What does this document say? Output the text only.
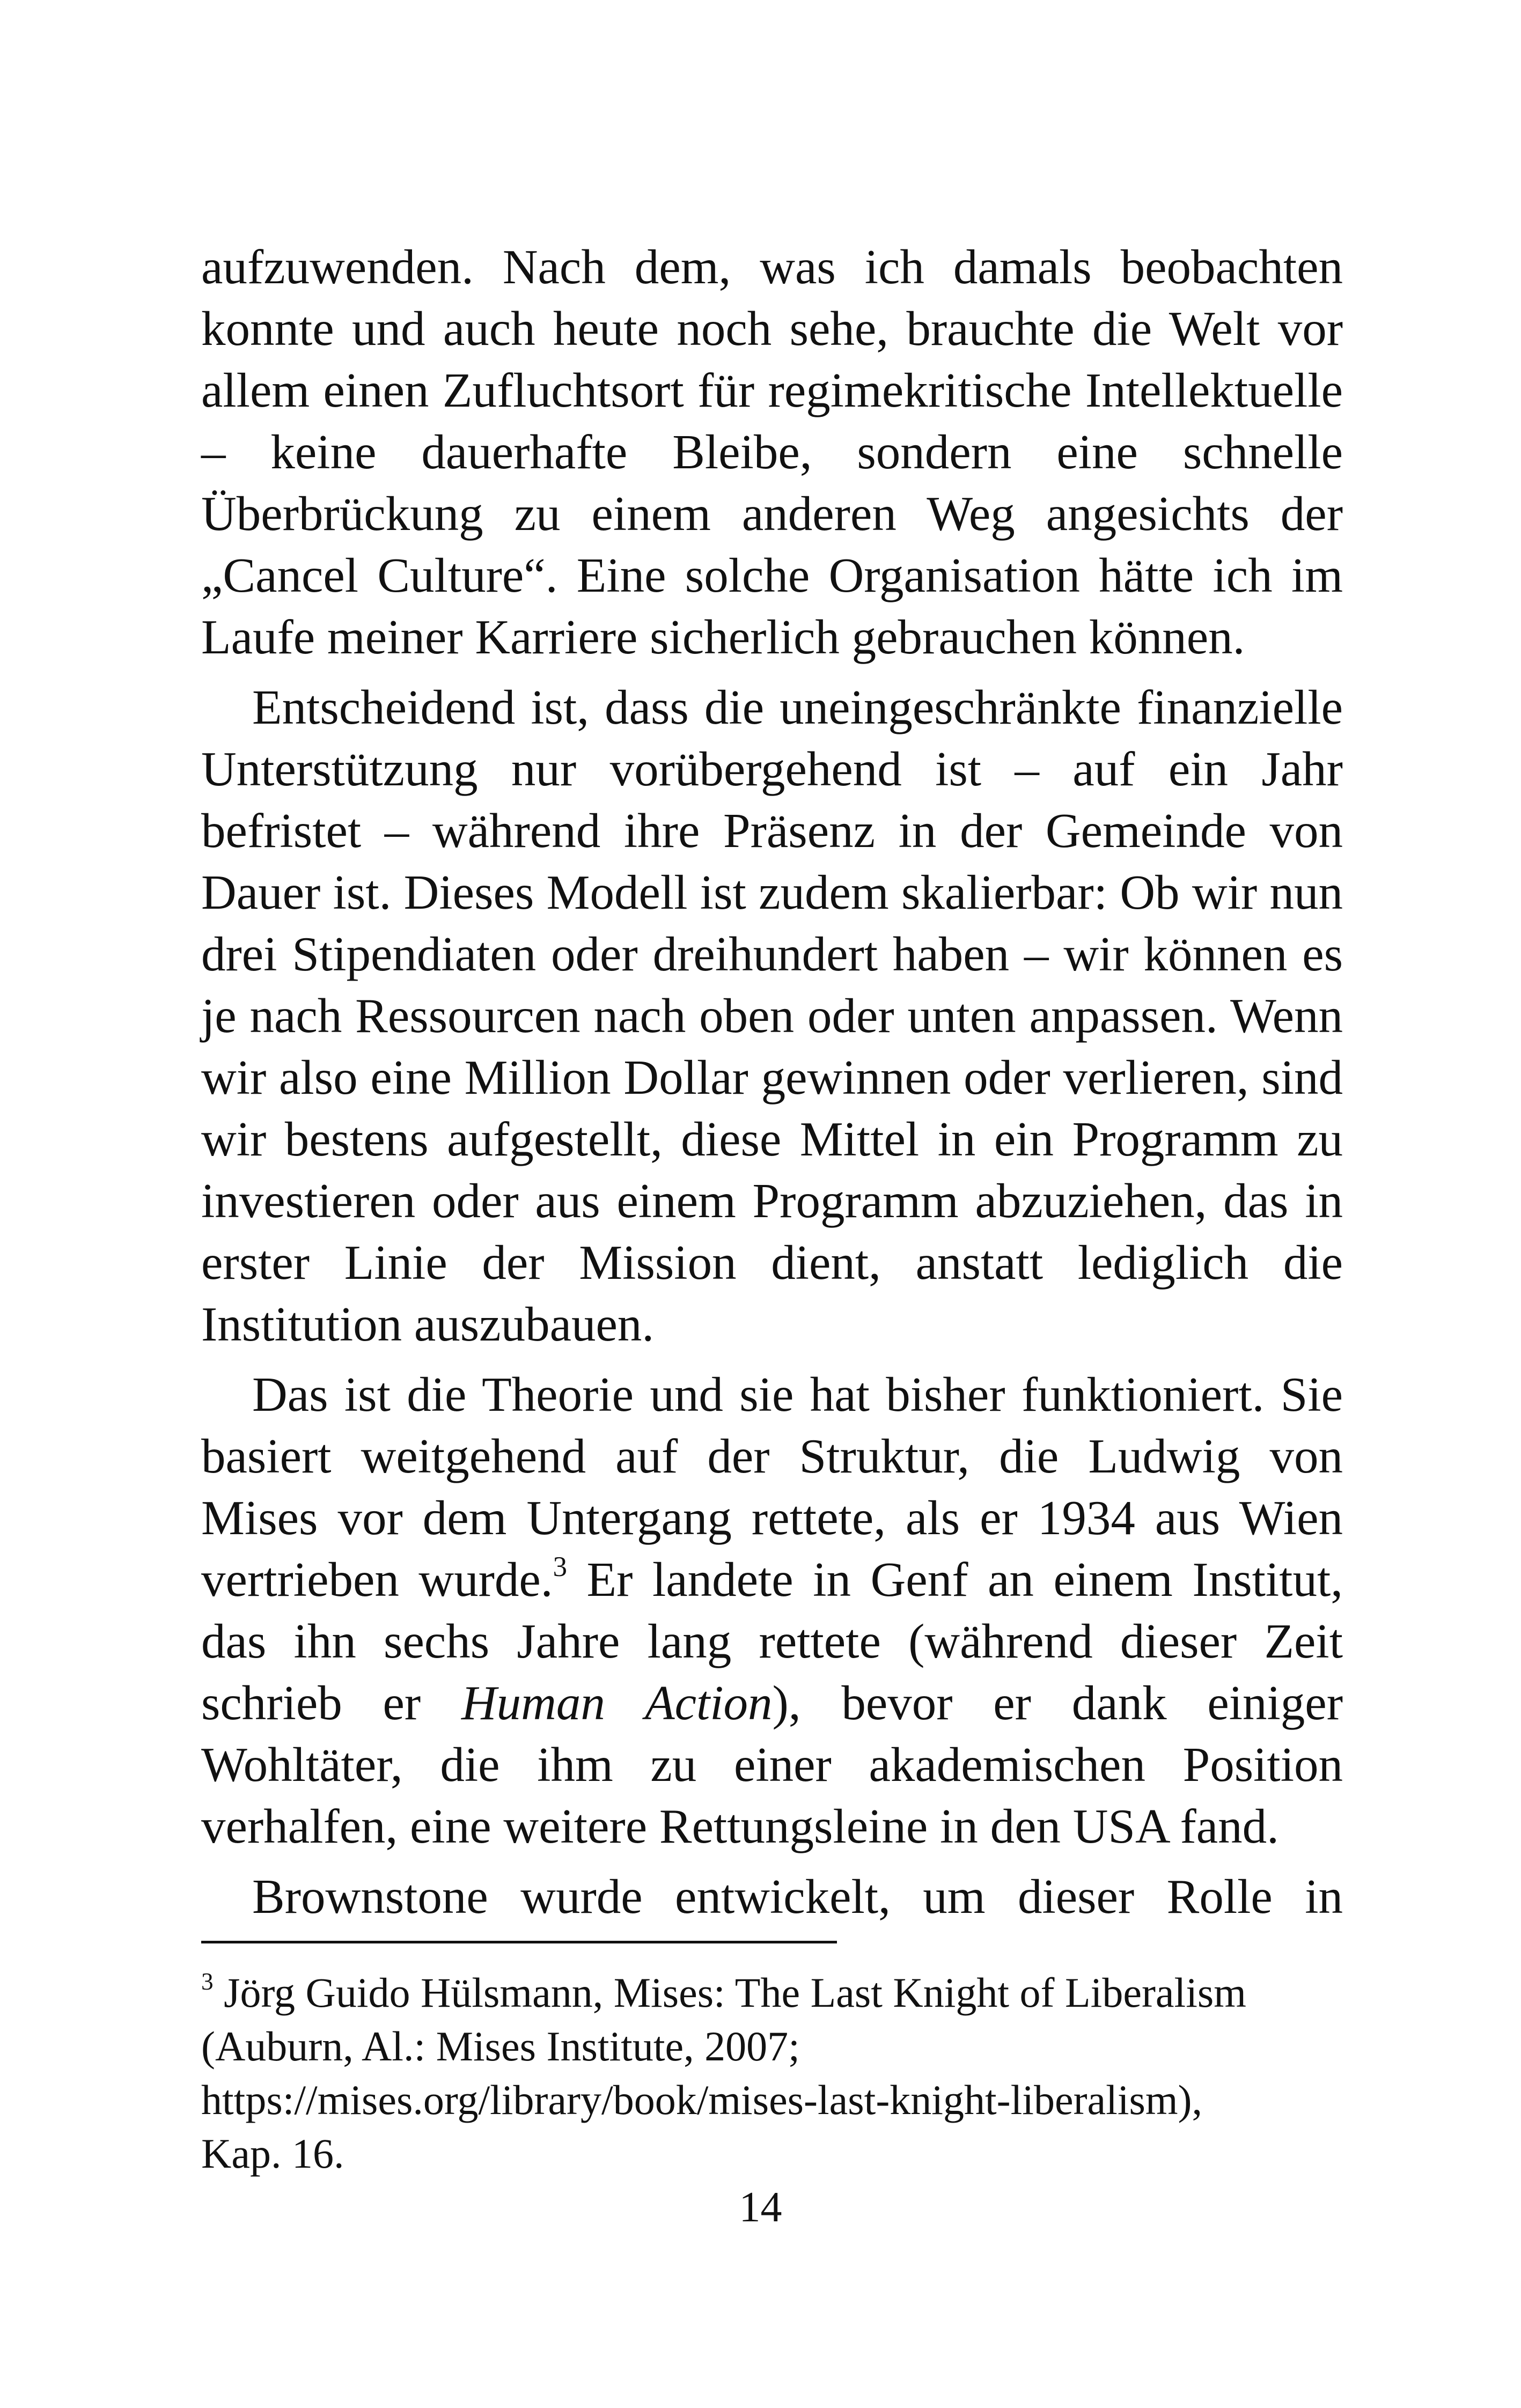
aufzuwenden. Nach dem, was ich damals beobachten konnte und auch heute noch sehe, brauchte die Welt vor allem einen Zufluchtsort für regimekritische Intellektuelle – keine dauerhafte Bleibe, sondern eine schnelle Überbrückung zu einem anderen Weg angesichts der „Cancel Culture“. Eine solche Organisation hätte ich im Laufe meiner Karriere sicherlich gebrauchen können.

Entscheidend ist, dass die uneingeschränkte finanzielle Unterstützung nur vorübergehend ist – auf ein Jahr befristet – während ihre Präsenz in der Gemeinde von Dauer ist. Dieses Modell ist zudem skalierbar: Ob wir nun drei Stipendiaten oder dreihundert haben – wir können es je nach Ressourcen nach oben oder unten anpassen. Wenn wir also eine Million Dollar gewinnen oder verlieren, sind wir bestens aufgestellt, diese Mittel in ein Programm zu investieren oder aus einem Programm abzuziehen, das in erster Linie der Mission dient, anstatt lediglich die Institution auszubauen.

Das ist die Theorie und sie hat bisher funktioniert. Sie basiert weitgehend auf der Struktur, die Ludwig von Mises vor dem Untergang rettete, als er 1934 aus Wien vertrieben wurde.$^3$ Er landete in Genf an einem Institut, das ihn sechs Jahre lang rettete (während dieser Zeit schrieb er Human Action), bevor er dank einiger Wohltäter, die ihm zu einer akademischen Position verhalfen, eine weitere Rettungsleine in den USA fand.

Brownstone wurde entwickelt, um dieser Rolle in

$^3$ Jörg Guido Hülsmann, Mises: The Last Knight of Liberalism (Auburn, Al.: Mises Institute, 2007; https://mises.org/library/book/mises-last-knight-liberalism), Kap. 16.

14
